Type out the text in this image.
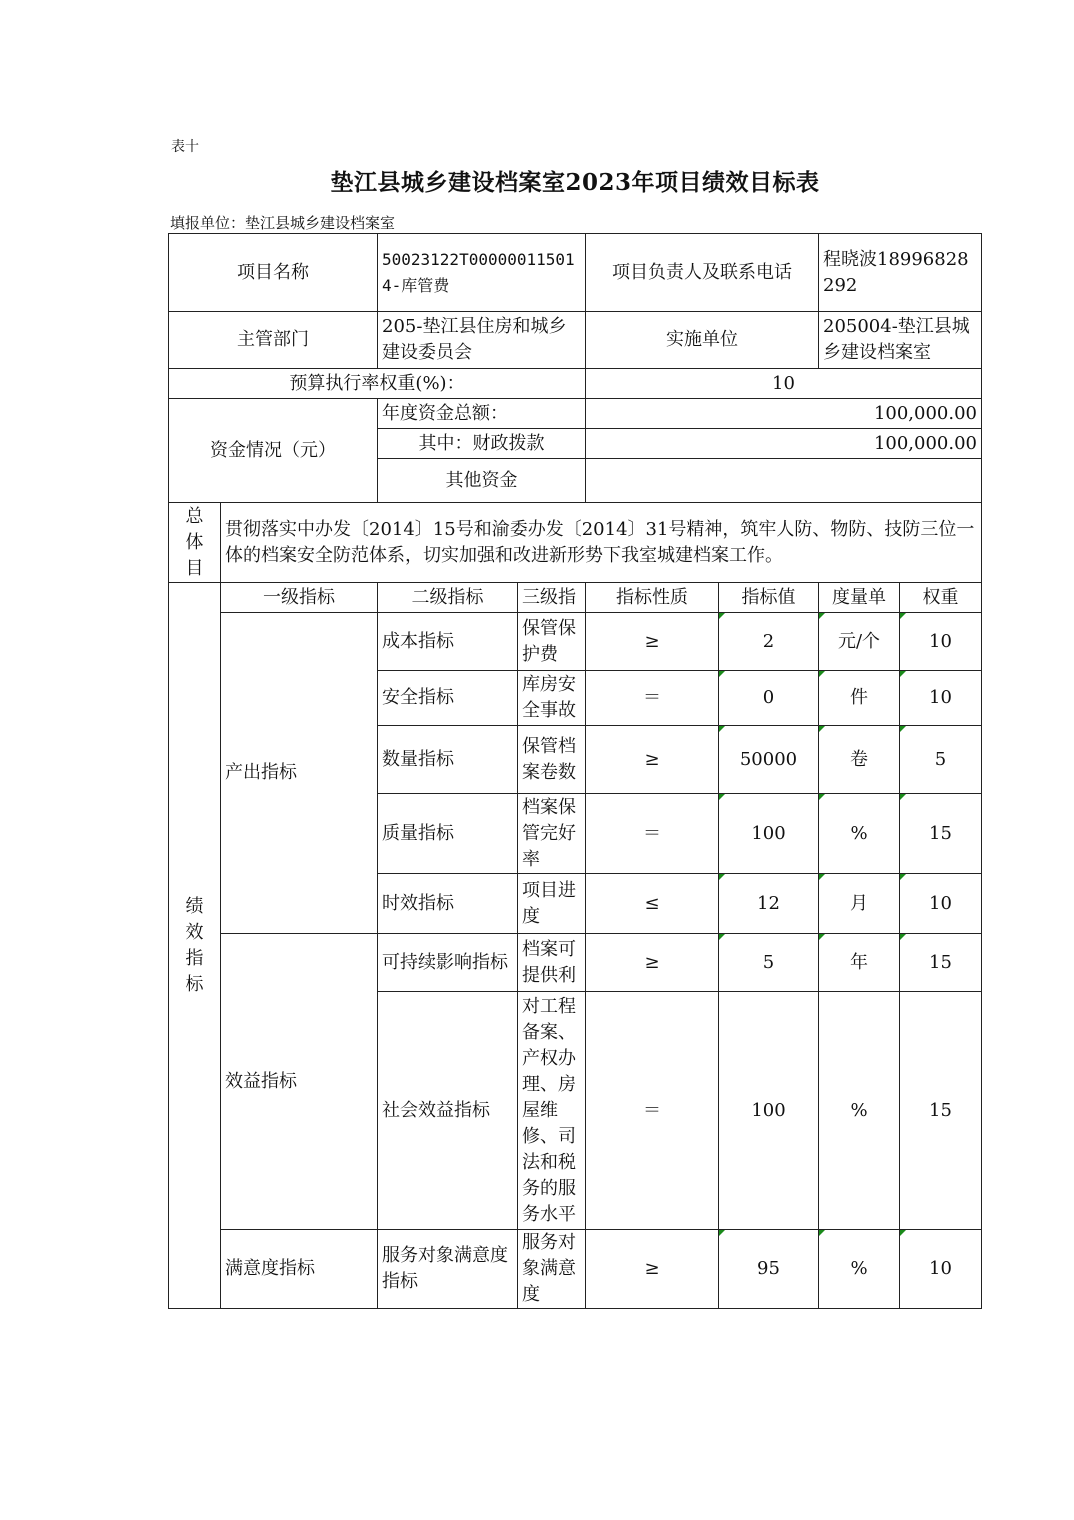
表十
垫江县城乡建设档案室2023年项目绩效目标表
填报单位：垫江县城乡建设档案室
项目名称		50023122T000000115014-库管费		项目负责人及联系电话		程晓波18996828292	
主管部门		205-垫江县住房和城乡建设委员会		实施单位		205004-垫江县城乡建设档案室	
预算执行率权重(%)：				10			
资金情况（元）		年度资金总额：		100,000.00			
		其中：财政拨款		100,000.00			
		其他资金					
总体目	贯彻落实中办发〔2014〕15号和渝委办发〔2014〕31号精神，筑牢人防、物防、技防三位一体的档案安全防范体系，切实加强和改进新形势下我室城建档案工作。						
绩效指标	一级指标	二级指标	三级指	指标性质	指标值	度量单	权重
	产出指标	成本指标	保管保护费	≥	2	元/个	10
		安全指标	库房安全事故	＝	0	件	10
		数量指标	保管档案卷数	≥	50000	卷	5
		质量指标	档案保管完好率	＝	100	%	15
		时效指标	项目进度	≤	12	月	10
	效益指标	可持续影响指标	档案可提供利	≥	5	年	15
		社会效益指标	对工程备案、产权办理、房屋维修、司法和税务的服务水平	＝	100	%	15
	满意度指标	服务对象满意度指标	服务对象满意度	≥	95	%	10
